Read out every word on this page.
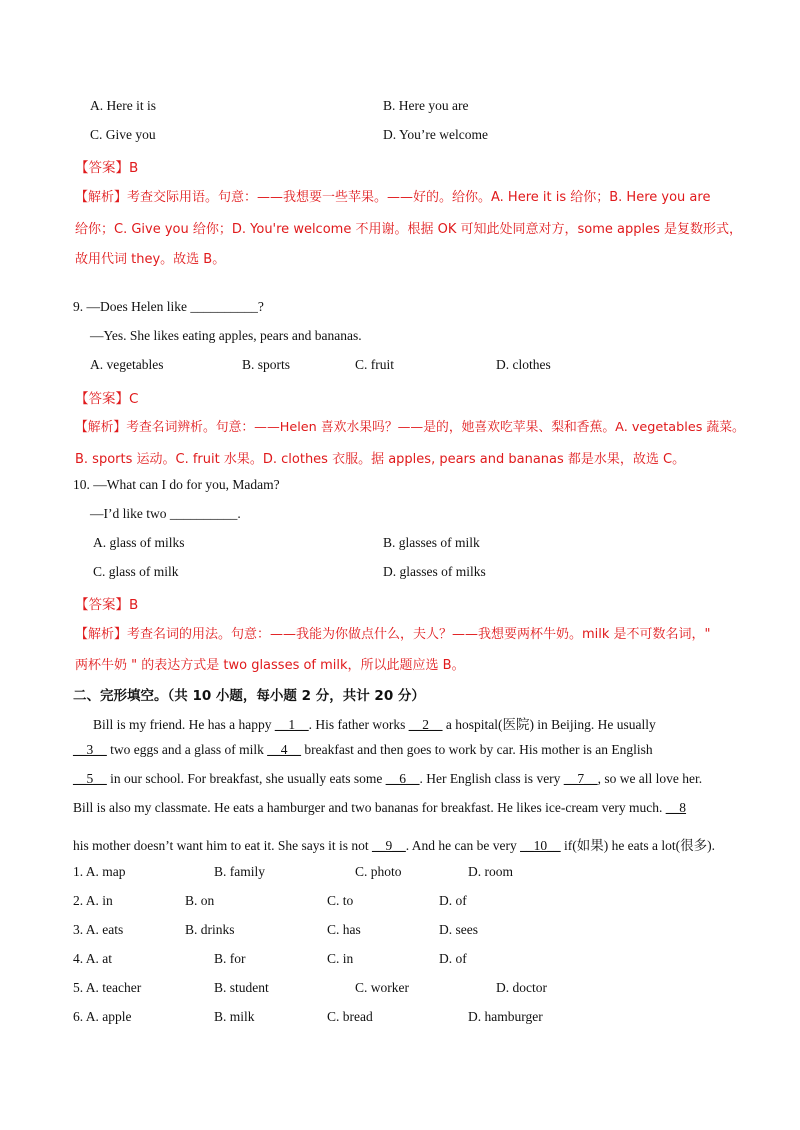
A. Here it is	B. Here you are
C. Give you	D. You’re welcome
【答案】B
【解析】考查交际用语。句意：——我想要一些苹果。——好的。给你。A. Here it is 给你；B. Here you are
给你；C. Give you 给你；D. You're welcome 不用谢。根据 OK 可知此处同意对方，some apples 是复数形式，
故用代词 they。故选 B。
9. —Does Helen like __________?
—Yes. She likes eating apples, pears and bananas.
A. vegetables	B. sports	C. fruit	D. clothes
【答案】C
【解析】考查名词辨析。句意：——Helen 喜欢水果吗？——是的，她喜欢吃苹果、梨和香蕉。A. vegetables 蔬菜。
B. sports 运动。C. fruit 水果。D. clothes 衣服。据 apples, pears and bananas 都是水果，故选 C。
10. —What can I do for you, Madam?
—I’d like two __________.
A. glass of milks	B. glasses of milk
C. glass of milk	D. glasses of milks
【答案】B
【解析】考查名词的用法。句意：——我能为你做点什么，夫人？——我想要两杯牛奶。milk 是不可数名词，"
两杯牛奶 " 的表达方式是 two glasses of milk，所以此题应选 B。
二、完形填空。（共 10 小题，每小题 2 分，共计 20 分）
Bill is my friend. He has a happy __1__. His father works __2__ a hospital(医院) in Beijing. He usually
__3__ two eggs and a glass of milk __4__ breakfast and then goes to work by car. His mother is an English
__5__ in our school. For breakfast, she usually eats some __6__. Her English class is very __7__, so we all love her.
Bill is also my classmate. He eats a hamburger and two bananas for breakfast. He likes ice-cream very much. __8
his mother doesn’t want him to eat it. She says it is not __9__. And he can be very __10__ if(如果) he eats a lot(很多).
1. A. map	B. family	C. photo	D. room
2. A. in	B. on	C. to	D. of
3. A. eats	B. drinks	C. has	D. sees
4. A. at	B. for	C. in	D. of
5. A. teacher	B. student	C. worker	D. doctor
6. A. apple	B. milk	C. bread	D. hamburger
